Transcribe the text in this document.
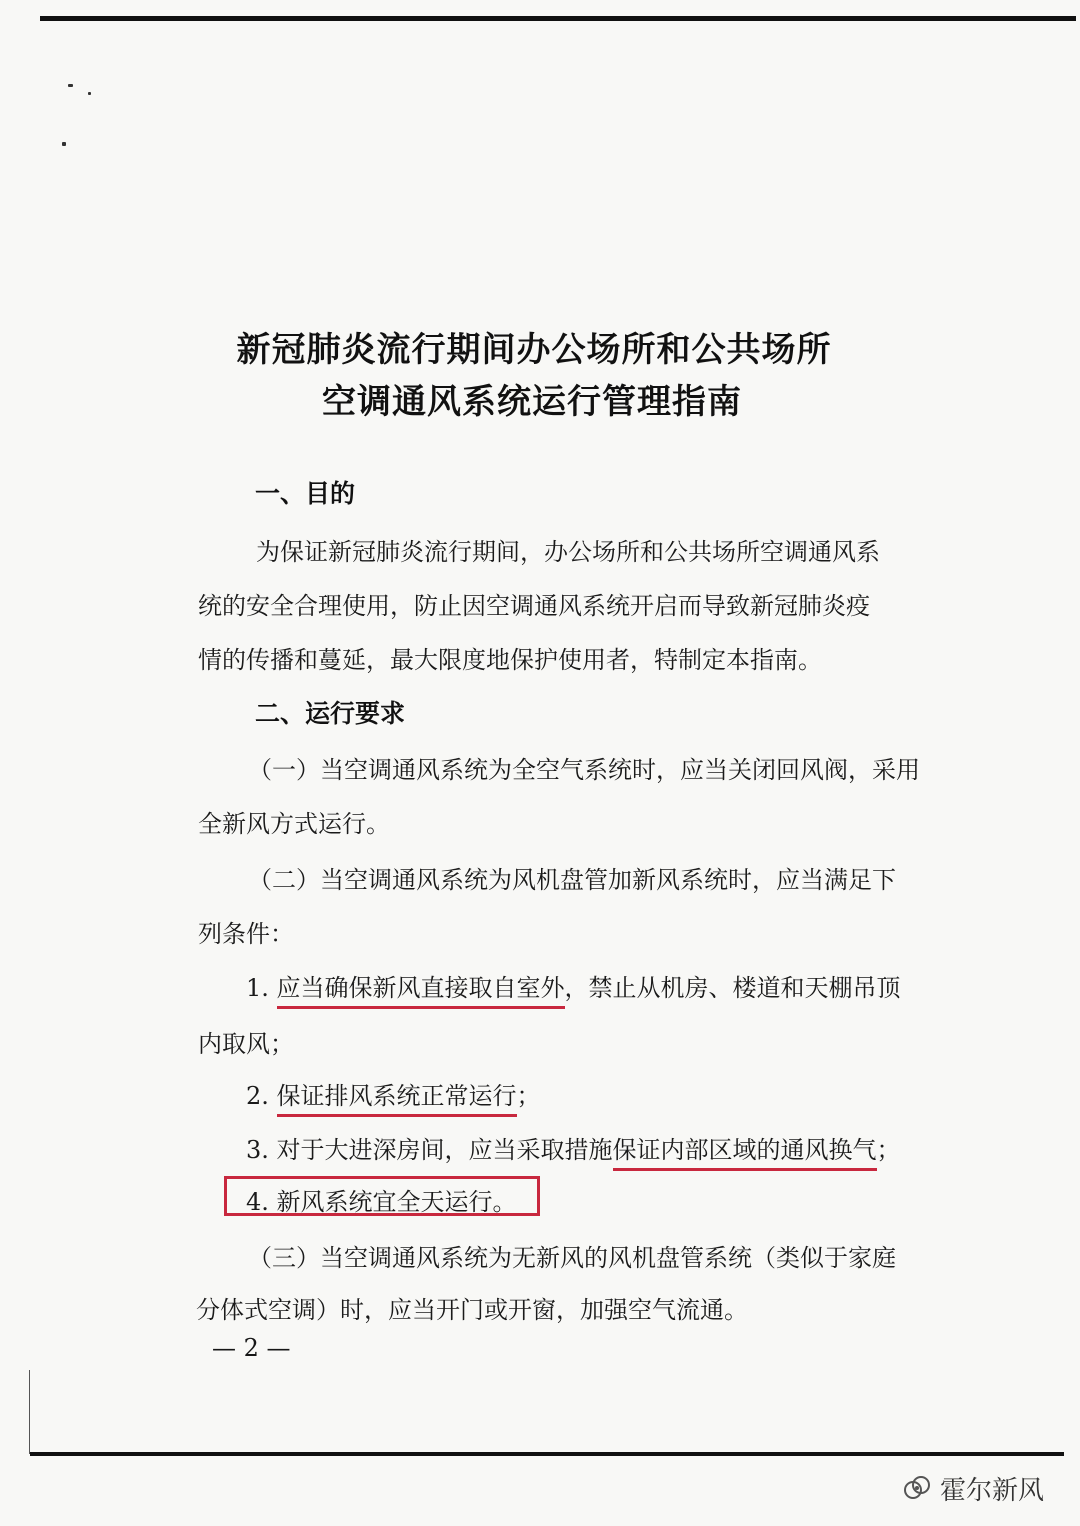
新冠肺炎流行期间办公场所和公共场所
空调通风系统运行管理指南
一、目的
为保证新冠肺炎流行期间，办公场所和公共场所空调通风系
统的安全合理使用，防止因空调通风系统开启而导致新冠肺炎疫
情的传播和蔓延，最大限度地保护使用者，特制定本指南。
二、运行要求
（一）当空调通风系统为全空气系统时，应当关闭回风阀，采用
全新风方式运行。
（二）当空调通风系统为风机盘管加新风系统时，应当满足下
列条件：
1. 应当确保新风直接取自室外，禁止从机房、楼道和天棚吊顶
内取风；
2. 保证排风系统正常运行；
3. 对于大进深房间，应当采取措施保证内部区域的通风换气；
4. 新风系统宜全天运行。
（三）当空调通风系统为无新风的风机盘管系统（类似于家庭
分体式空调）时，应当开门或开窗，加强空气流通。
— 2 —
霍尔新风
